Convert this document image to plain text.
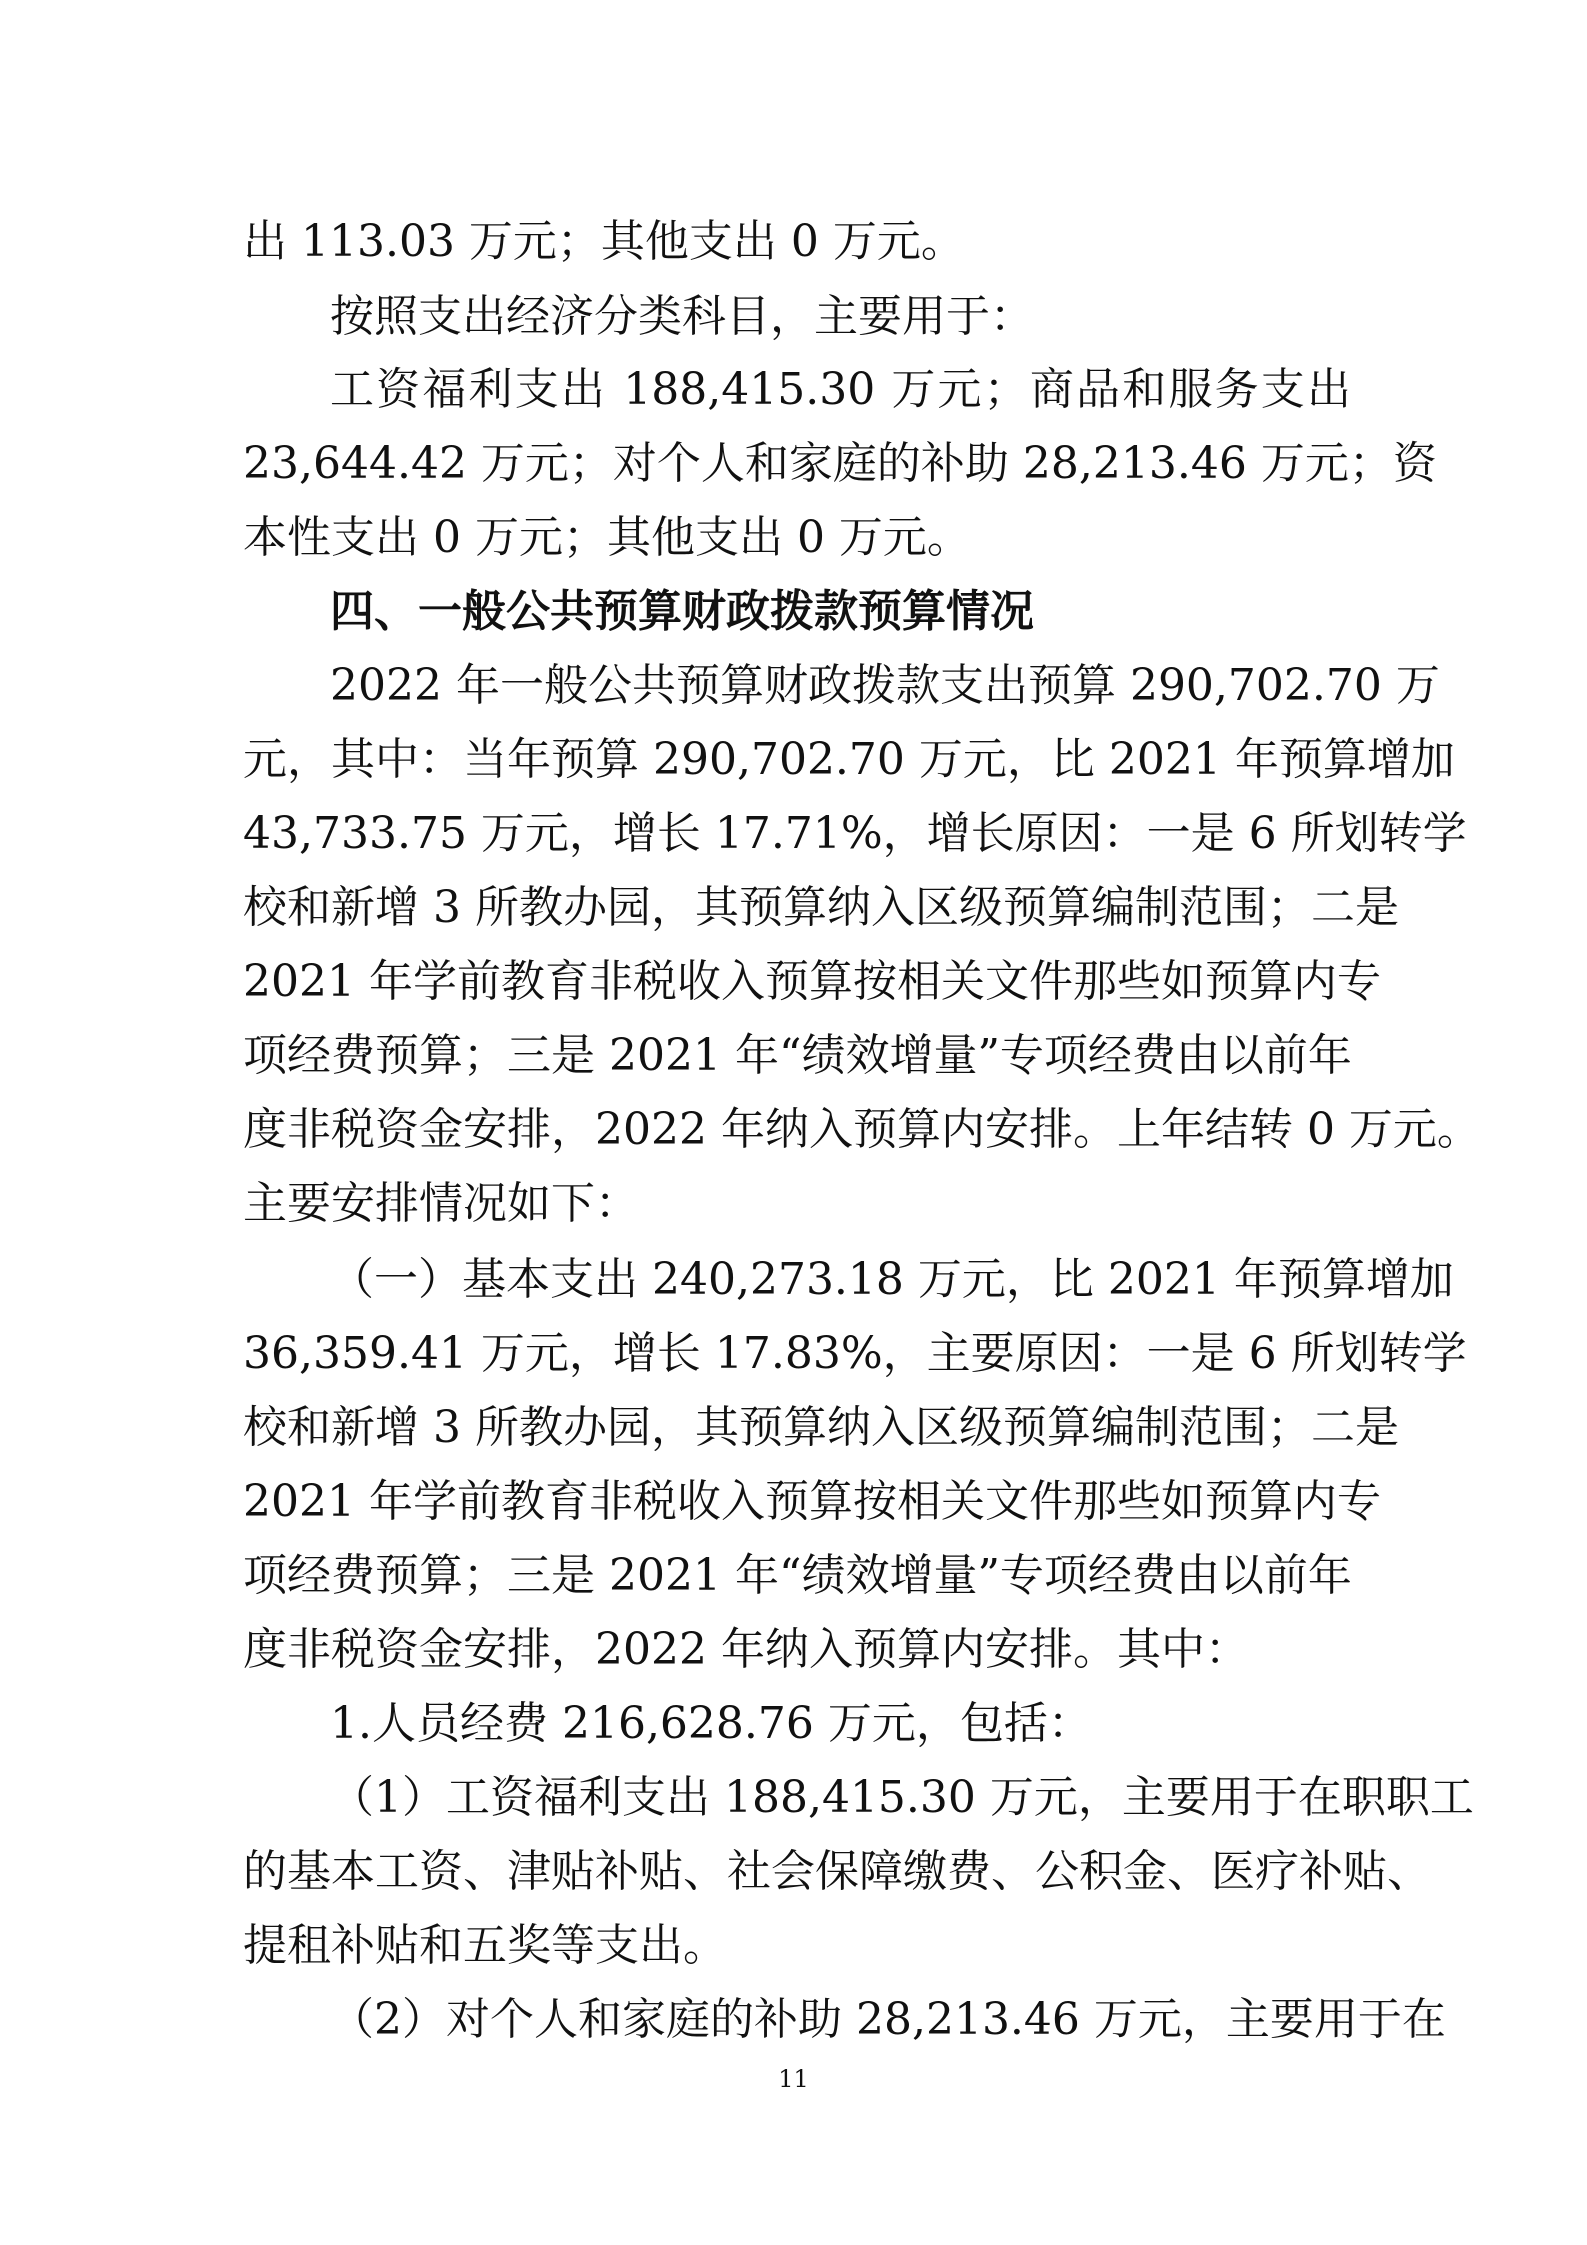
出 113.03 万元；其他支出 0 万元。
按照支出经济分类科目，主要用于：
工资福利支出 188,415.30 万元；商品和服务支出
23,644.42 万元；对个人和家庭的补助 28,213.46 万元；资
本性支出 0 万元；其他支出 0 万元。
四、一般公共预算财政拨款预算情况
2022 年一般公共预算财政拨款支出预算 290,702.70 万
元，其中：当年预算 290,702.70 万元，比 2021 年预算增加
43,733.75 万元，增长 17.71%，增长原因：一是 6 所划转学
校和新增 3 所教办园，其预算纳入区级预算编制范围；二是
2021 年学前教育非税收入预算按相关文件那些如预算内专
项经费预算；三是 2021 年“绩效增量”专项经费由以前年
度非税资金安排，2022 年纳入预算内安排。上年结转 0 万元。
主要安排情况如下：
（一）基本支出 240,273.18 万元，比 2021 年预算增加
36,359.41 万元，增长 17.83%，主要原因：一是 6 所划转学
校和新增 3 所教办园，其预算纳入区级预算编制范围；二是
2021 年学前教育非税收入预算按相关文件那些如预算内专
项经费预算；三是 2021 年“绩效增量”专项经费由以前年
度非税资金安排，2022 年纳入预算内安排。其中：
1.人员经费 216,628.76 万元，包括：
（1）工资福利支出 188,415.30 万元，主要用于在职职工
的基本工资、津贴补贴、社会保障缴费、公积金、医疗补贴、
提租补贴和五奖等支出。
（2）对个人和家庭的补助 28,213.46 万元，主要用于在
11
